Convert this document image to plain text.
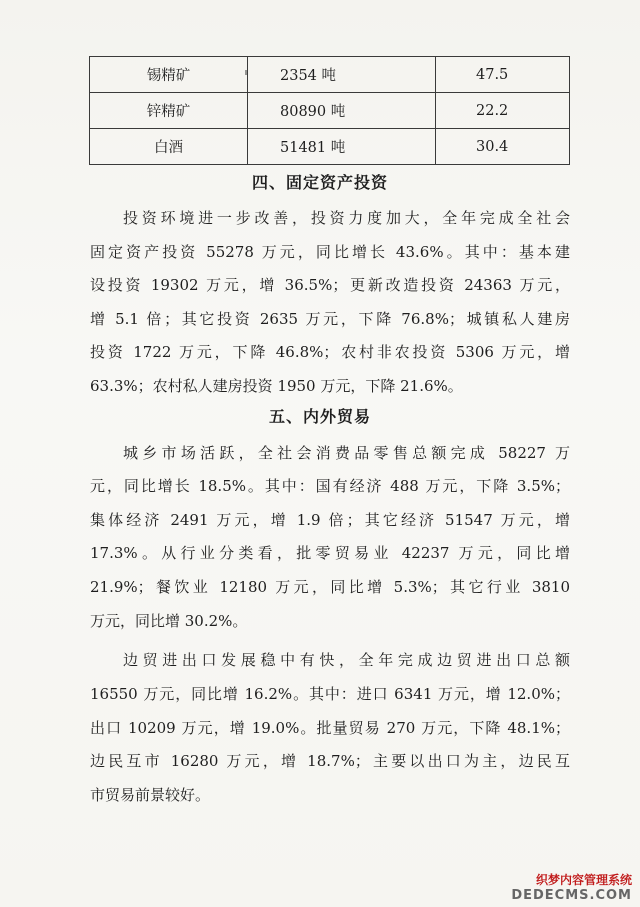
锡精矿	2354 吨	47.5
锌精矿	80890 吨	22.2
白酒	51481 吨	30.4
四、固定资产投资
投资环境进一步改善，投资力度加大，全年完成全社会
固定资产投资 55278 万元，同比增长 43.6%。其中：基本建
设投资 19302 万元，增 36.5%；更新改造投资 24363 万元，
增 5.1 倍；其它投资 2635 万元，下降 76.8%；城镇私人建房
投资 1722 万元，下降 46.8%；农村非农投资 5306 万元，增
63.3%；农村私人建房投资 1950 万元，下降 21.6%。
五、内外贸易
城乡市场活跃，全社会消费品零售总额完成 58227 万
元，同比增长 18.5%。其中：国有经济 488 万元，下降 3.5%；
集体经济 2491 万元，增 1.9 倍；其它经济 51547 万元，增
17.3%。从行业分类看，批零贸易业 42237 万元，同比增
21.9%；餐饮业 12180 万元，同比增 5.3%；其它行业 3810
万元，同比增 30.2%。
边贸进出口发展稳中有快，全年完成边贸进出口总额
16550 万元，同比增 16.2%。其中：进口 6341 万元，增 12.0%；
出口 10209 万元，增 19.0%。批量贸易 270 万元，下降 48.1%；
边民互市 16280 万元，增 18.7%；主要以出口为主，边民互
市贸易前景较好。
织梦内容管理系统
DEDECMS.COM
